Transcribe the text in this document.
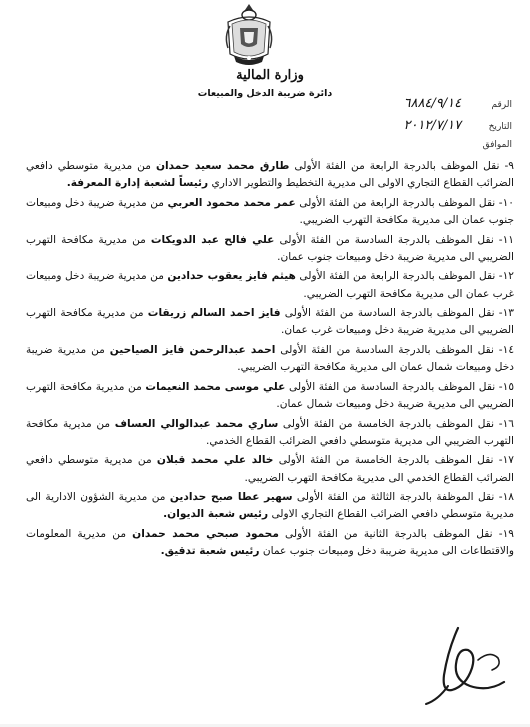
وزارة المالية
دائرة ضريبة الدخل والمبيعات
الرقم ٦٨٨٤/٩/١٤
التاريخ ٢٠١٢/٧/١٧
الموافق

٩- نقل الموظف بالدرجة الرابعة من الفئة الأولى طارق محمد سعيد حمدان من مديرية متوسطي دافعي الضرائب القطاع التجاري الاولى الى مديرية التخطيط والتطوير الاداري رئيساً لشعبة إدارة المعرفة.

١٠- نقل الموظف بالدرجة الرابعة من الفئة الأولى عمر محمد محمود العربي من مديرية ضريبة دخل ومبيعات جنوب عمان الى مديرية مكافحة التهرب الضريبي.

١١- نقل الموظف بالدرجة السادسة من الفئة الأولى علي فالح عبد الدويكات من مديرية مكافحة التهرب الضريبي الى مديرية ضريبة دخل ومبيعات جنوب عمان.

١٢- نقل الموظف بالدرجة الرابعة من الفئة الأولى هيثم فايز يعقوب حدادين من مديرية ضريبة دخل ومبيعات غرب عمان الى مديرية مكافحة التهرب الضريبي.

١٣- نقل الموظف بالدرجة السادسة من الفئة الأولى فايز احمد السالم زريقات من مديرية مكافحة التهرب الضريبي الى مديرية ضريبة دخل ومبيعات غرب عمان.

١٤- نقل الموظف بالدرجة السادسة من الفئة الأولى احمد عبدالرحمن فايز الصياحين من مديرية ضريبة دخل ومبيعات شمال عمان الى مديرية مكافحة التهرب الضريبي.

١٥- نقل الموظف بالدرجة السادسة من الفئة الأولى علي موسى محمد النعيمات من مديرية مكافحة التهرب الضريبي الى مديرية ضريبة دخل ومبيعات شمال عمان.

١٦- نقل الموظف بالدرجة الخامسة من الفئة الأولى ساري محمد عبدالوالي العساف من مديرية مكافحة التهرب الضريبي الى مديرية متوسطي دافعي الضرائب القطاع الخدمي.

١٧- نقل الموظف بالدرجة الخامسة من الفئة الأولى خالد علي محمد قبلان من مديرية متوسطي دافعي الضرائب القطاع الخدمي الى مديرية مكافحة التهرب الضريبي.

١٨- نقل الموظفة بالدرجة الثالثة من الفئة الأولى سهير عطا صبح حدادين من مديرية الشؤون الادارية الى مديرية متوسطي دافعي الضرائب القطاع التجاري الاولى رئيس شعبة الديوان.

١٩- نقل الموظف بالدرجة الثانية من الفئة الأولى محمود صبحي محمد حمدان من مديرية المعلومات والاقتطاعات الى مديرية ضريبة دخل ومبيعات جنوب عمان رئيس شعبة تدقيق.
